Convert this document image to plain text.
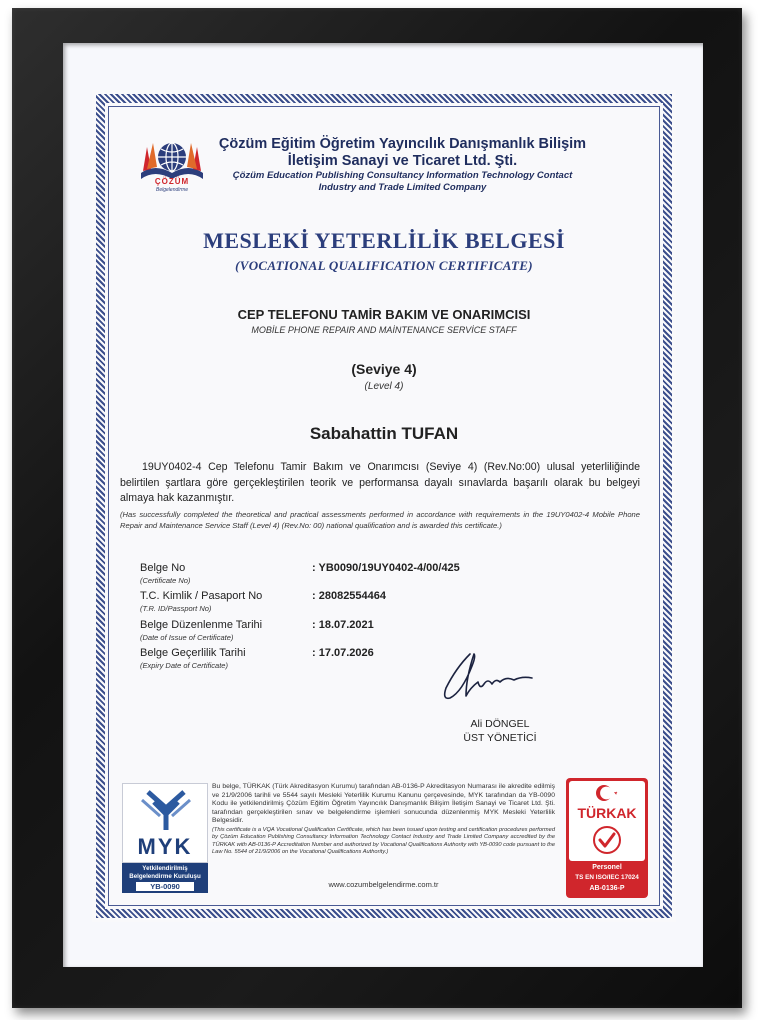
ÇÖZÜM
Belgelendirme
Çözüm Eğitim Öğretim Yayıncılık Danışmanlık Bilişim
İletişim Sanayi ve Ticaret Ltd. Şti.
Çözüm Education Publishing Consultancy Information Technology Contact
Industry and Trade Limited Company
MESLEKİ YETERLİLİK BELGESİ
(VOCATIONAL QUALIFICATION CERTIFICATE)
CEP TELEFONU TAMİR BAKIM VE ONARIMCISI
MOBİLE PHONE REPAIR AND MAİNTENANCE SERVİCE STAFF
(Seviye 4)
(Level 4)
Sabahattin TUFAN
19UY0402-4 Cep Telefonu Tamir Bakım ve Onarımcısı (Seviye 4) (Rev.No:00) ulusal yeterliliğinde belirtilen şartlara göre gerçekleştirilen teorik ve performansa dayalı sınavlarda başarılı olarak bu belgeyi almaya hak kazanmıştır.
(Has successfully completed the theoretical and practical assessments performed in accordance with requirements in the 19UY0402-4 Mobile Phone Repair and Maintenance Service Staff (Level 4) (Rev.No: 00) national qualification and is awarded this certificate.)
Belge No
(Certificate No)
: YB0090/19UY0402-4/00/425
T.C. Kimlik / Pasaport No
(T.R. ID/Passport No)
: 28082554464
Belge Düzenlenme Tarihi
(Date of Issue of Certificate)
: 18.07.2021
Belge Geçerlilik Tarihi
(Expiry Date of Certificate)
: 17.07.2026
Ali DÖNGEL
ÜST YÖNETİCİ
MYK
Yetkilendirilmiş
Belgelendirme Kuruluşu
YB-0090
Bu belge, TÜRKAK (Türk Akreditasyon Kurumu) tarafından AB-0136-P Akreditasyon Numarası ile akredite edilmiş ve 21/9/2006 tarihli ve 5544 sayılı Mesleki Yeterlilik Kurumu Kanunu çerçevesinde, MYK tarafından da YB-0090 Kodu ile yetkilendirilmiş Çözüm Eğitim Öğretim Yayıncılık Danışmanlık Bilişim İletişim Sanayi ve Ticaret Ltd. Şti. tarafından gerçekleştirilen sınav ve belgelendirme işlemleri sonucunda düzenlenmiş MYK Mesleki Yeterlilik Belgesidir.
(This certificate is a VQA Vocational Qualification Certificate, which has been issued upon testing and certification procedures performed by Çözüm Education Publishing Consultancy Information Technology Contact Industry and Trade Limited Company accredited by the TÜRKAK with AB-0136-P Accreditation Number and authorized by Vocational Qualifications Authority with YB-0090 code pursuant to the Law No. 5544 of 21/9/2006 on the Vocational Qualifications Authority.)
www.cozumbelgelendirme.com.tr
TÜRKAK
Personel
TS EN ISO/IEC 17024
AB-0136-P
